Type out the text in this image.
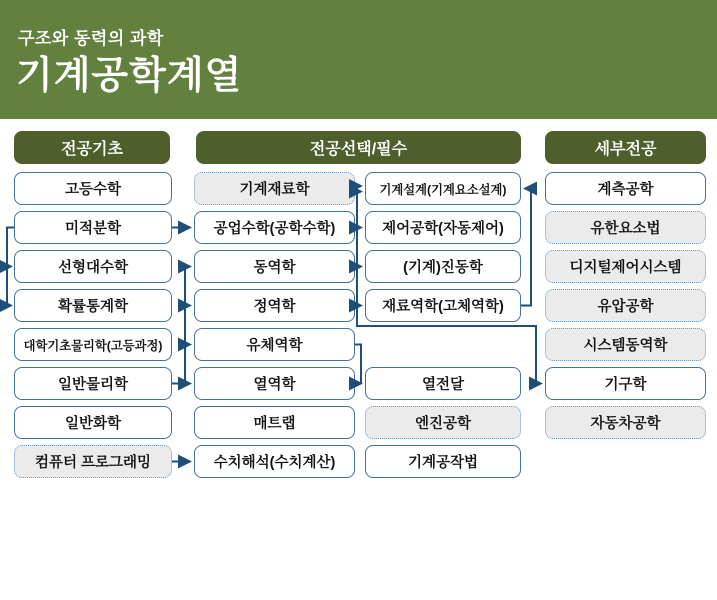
구조와 동력의 과학
기계공학계열
전공기초	전공선택/필수	세부전공
고등수학
미적분학
선형대수학
확률통계학
대학기초물리학(고등과정)
일반물리학
일반화학
컴퓨터 프로그래밍
기계재료학
공업수학(공학수학)
동역학
정역학
유체역학
열역학
매트랩
수치해석(수치계산)
기계설계(기계요소설계)
제어공학(자동제어)
(기계)진동학
재료역학(고체역학)
열전달
엔진공학
기계공작법
계측공학
유한요소법
디지털제어시스템
유압공학
시스템동역학
기구학
자동차공학
